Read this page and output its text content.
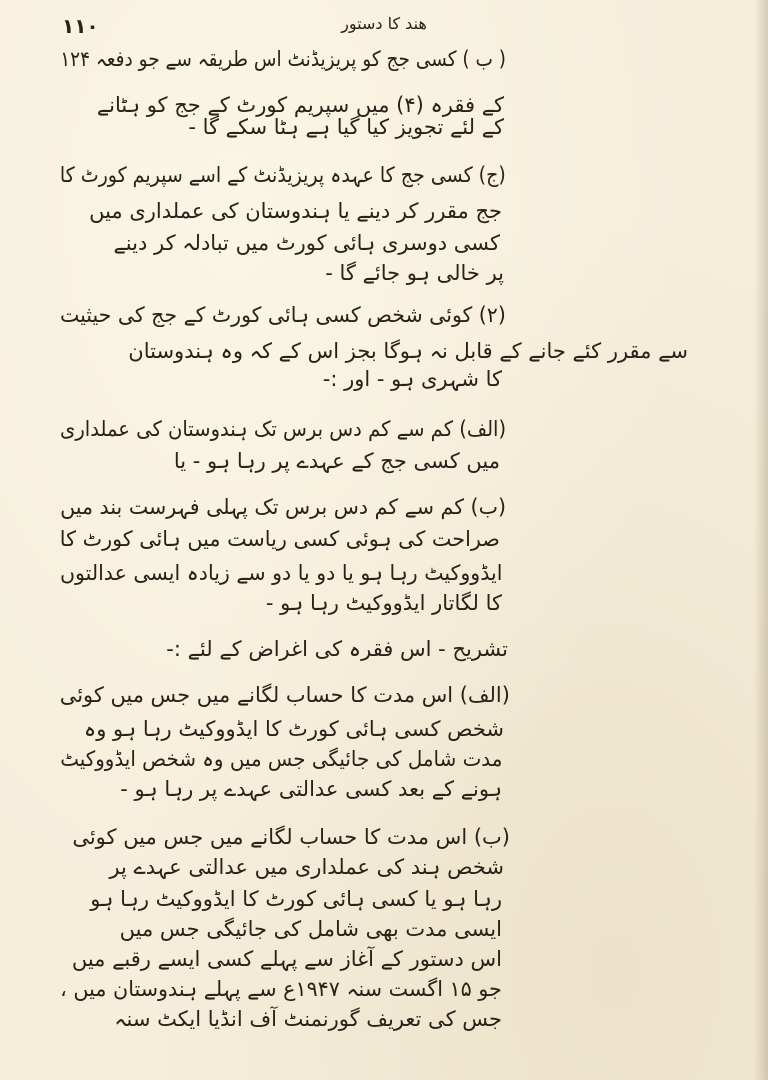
۱۱۰	ھند کا دستور
( ب ) کسی جج کو پریزیڈنٹ اس طریقہ سے جو دفعہ ۱۲۴
کے فقرہ (۴) میں سپریم کورٹ کے جج کو ہٹانے
کے لئے تجویز کیا گیا ہے ہٹا سکے گا -
(ج) کسی جج کا عہدہ پریزیڈنٹ کے اسے سپریم کورٹ کا
جج مقرر کر دینے یا ہندوستان کی عملداری میں
کسی دوسری ہائی کورٹ میں تبادلہ کر دینے
پر خالی ہو جائے گا -
(۲) کوئی شخص کسی ہائی کورٹ کے جج کی حیثیت
سے مقرر کئے جانے کے قابل نہ ہوگا بجز اس کے کہ وہ ہندوستان
کا شہری ہو - اور :-
(الف) کم سے کم دس برس تک ہندوستان کی عملداری
میں کسی جج کے عہدے پر رہا ہو - یا
(ب) کم سے کم دس برس تک پہلی فہرست بند میں
صراحت کی ہوئی کسی ریاست میں ہائی کورٹ کا
ایڈووکیٹ رہا ہو یا دو یا دو سے زیادہ ایسی عدالتوں
کا لگاتار ایڈووکیٹ رہا ہو -
تشریح - اس فقرہ کی اغراض کے لئے :-
(الف) اس مدت کا حساب لگانے میں جس میں کوئی
شخص کسی ہائی کورٹ کا ایڈووکیٹ رہا ہو وہ
مدت شامل کی جائیگی جس میں وہ شخص ایڈووکیٹ
ہونے کے بعد کسی عدالتی عہدے پر رہا ہو -
(ب) اس مدت کا حساب لگانے میں جس میں کوئی
شخص ہند کی عملداری میں عدالتی عہدے پر
رہا ہو یا کسی ہائی کورٹ کا ایڈووکیٹ رہا ہو
ایسی مدت بھی شامل کی جائیگی جس میں
اس دستور کے آغاز سے پہلے کسی ایسے رقبے میں
جو ۱۵ اگست سنہ ۱۹۴۷ع سے پہلے ہندوستان میں ،
جس کی تعریف گورنمنٹ آف انڈیا ایکٹ سنہ
